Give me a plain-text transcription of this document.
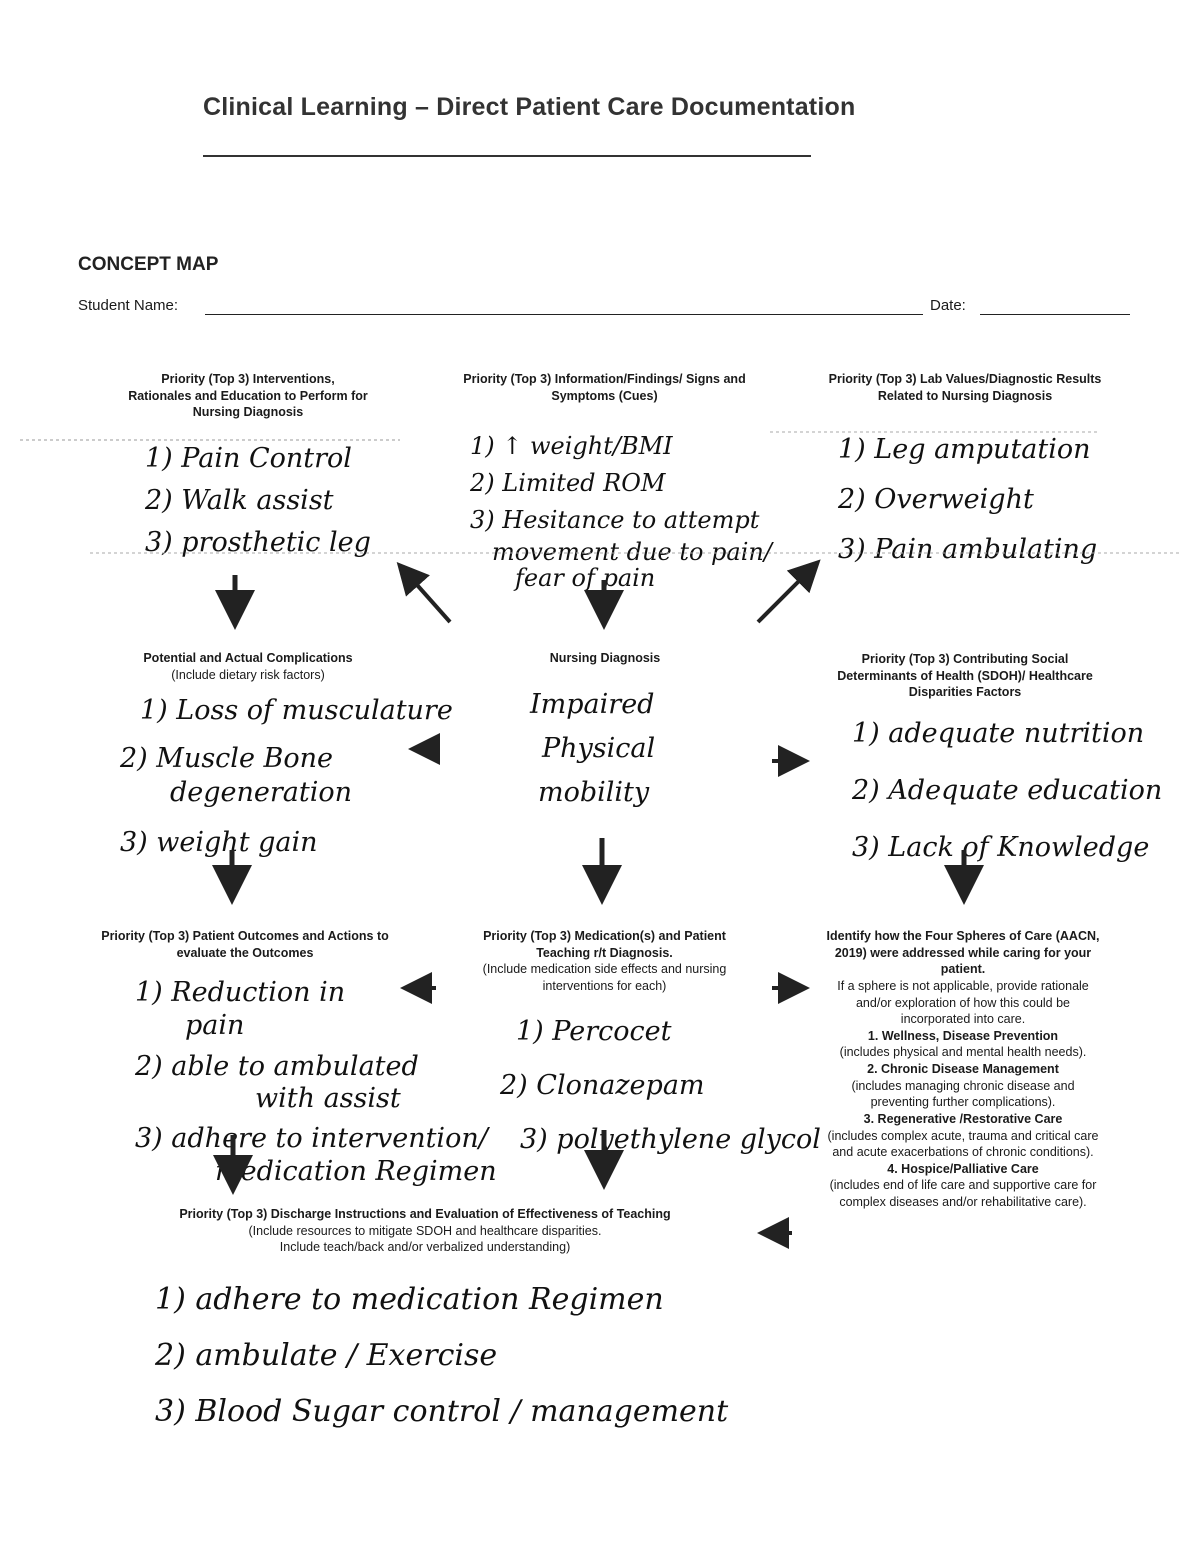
Clinical Learning – Direct Patient Care Documentation
CONCEPT MAP
Student Name:	Date:
Priority (Top 3) Interventions, Rationales and Education to Perform for Nursing Diagnosis
Priority (Top 3) Information/Findings/ Signs and Symptoms (Cues)
Priority (Top 3) Lab Values/Diagnostic Results Related to Nursing Diagnosis
1) Pain Control
2) Walk assist
3) prosthetic leg
1) ↑ weight/BMI
2) Limited ROM
3) Hesitance to attempt
movement due to pain/
fear of pain
1) Leg amputation
2) Overweight
3) Pain ambulating
Potential and Actual Complications
(Include dietary risk factors)
Nursing Diagnosis	Priority (Top 3) Contributing Social Determinants of Health (SDOH)/ Healthcare Disparities Factors
1) Loss of musculature
2) Muscle Bone
degeneration
3) weight gain
Impaired
Physical
mobility
1) adequate nutrition
2) Adequate education
3) Lack of Knowledge
Priority (Top 3) Patient Outcomes and Actions to evaluate the Outcomes
Priority (Top 3) Medication(s) and Patient Teaching r/t Diagnosis.
(Include medication side effects and nursing interventions for each)
1) Reduction in
pain
2) able to ambulated
with assist
3) adhere to intervention/
medication Regimen
1) Percocet
2) Clonazepam
3) polyethylene glycol
Identify how the Four Spheres of Care (AACN, 2019) were addressed while caring for your patient.
If a sphere is not applicable, provide rationale and/or exploration of how this could be incorporated into care.
1. Wellness, Disease Prevention
(includes physical and mental health needs).
2. Chronic Disease Management
(includes managing chronic disease and preventing further complications).
3. Regenerative /Restorative Care
(includes complex acute, trauma and critical care and acute exacerbations of chronic conditions).
4. Hospice/Palliative Care
(includes end of life care and supportive care for complex diseases and/or rehabilitative care).
Priority (Top 3) Discharge Instructions and Evaluation of Effectiveness of Teaching
(Include resources to mitigate SDOH and healthcare disparities.
Include teach/back and/or verbalized understanding)
1) adhere to medication Regimen
2) ambulate / Exercise
3) Blood Sugar control / management
